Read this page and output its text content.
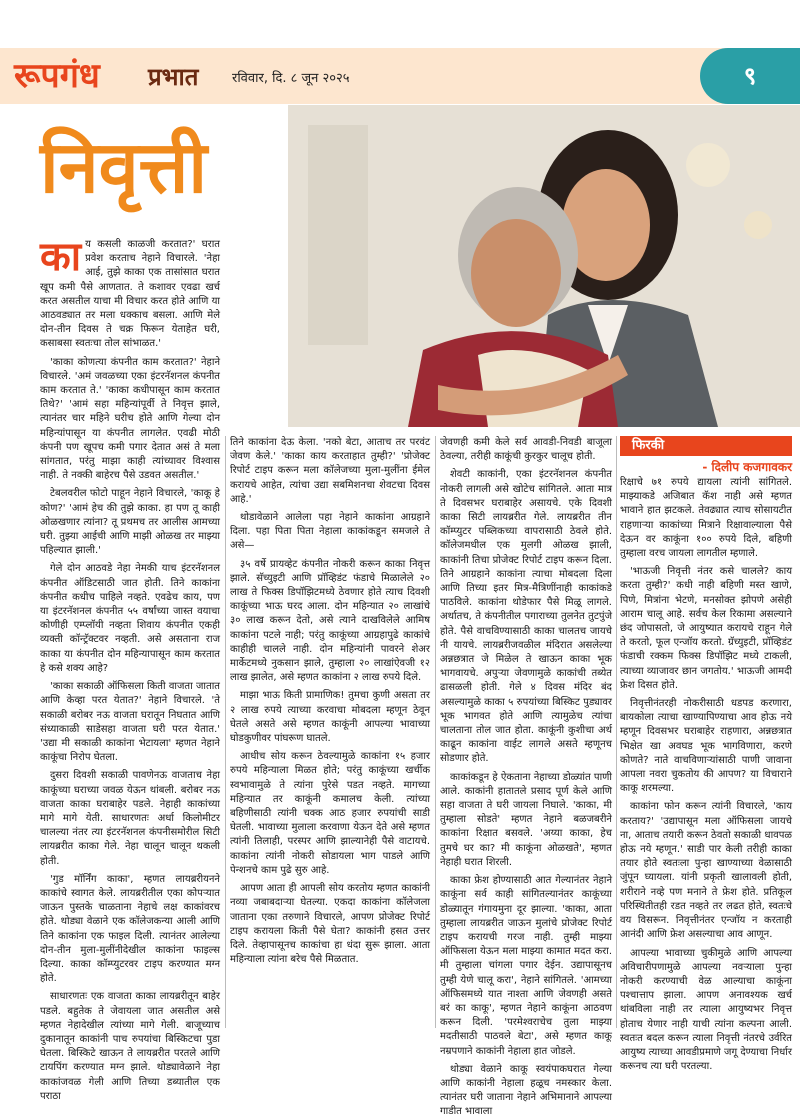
रूपगंध प्रभात	रविवार, दि. ८ जून २०२५	९
निवृत्ती
का य कसली काळजी करतात?' घरात प्रवेश करताच नेहाने विचारले. 'नेहा आई, तुझे काका एक तासांसात घरात खूप कमी पैसे आणतात. ते कशावर एवढा खर्च करत असतील याचा मी विचार करत होते आणि या आठवड्यात तर मला धक्काच बसला. आणि मेले दोन-तीन दिवस ते चक्र फिरून येताहेत घरी, कसाबसा स्वतःचा तोल सांभाळत.'

'काका कोणत्या कंपनीत काम करतात?' नेहाने विचारले. 'अमं जवळच्या एका इंटरनॅशनल कंपनीत काम करतात ते.' 'काका कधीपासून काम करतात तिथे?' 'आमं सहा महिन्यांपूर्वी ते निवृत्त झाले, त्यानंतर चार महिने घरीच होते आणि गेल्या दोन महिन्यांपासून या कंपनीत लागलेत. एवढी मोठी कंपनी पण खूपच कमी पगार देतात असं ते मला सांगतात, परंतु माझा काही त्यांच्यावर विश्वास नाही. ते नक्की बाहेरच पैसे उडवत असतील.'

टेबलवरील फोटो पाहून नेहाने विचारले, 'काकू हे कोण?' 'आमं हेच की तुझे काका. हा पण तू काही ओळखणार त्यांना? तू प्रथमच तर आलीस आमच्या घरी. तुझ्या आईची आणि माझी ओळख तर माझ्या पहिल्यात झाली.'

गेले दोन आठवडे नेहा नेमकी याच इंटरनॅशनल कंपनीत ऑडिटसाठी जात होती. तिने काकांना कंपनीत कधीच पाहिले नव्हते. एवढेच काय, पण या इंटरनॅशनल कंपनीत ५५ वर्षांच्या जास्त वयाचा कोणीही एम्प्लॉयी नव्हता शिवाय कंपनीत एकही व्यक्ती कॉन्ट्रॅक्टवर नव्हती. असे असताना राज काका या कंपनीत दोन महिन्यापासून काम करतात हे कसे शक्य आहे?

'काका सकाळी ऑफिसला किती वाजता जातात आणि केव्हा परत येतात?' नेहाने विचारले. 'ते सकाळी बरोबर नऊ वाजता घरातून निघतात आणि संध्याकाळी साडेसहा वाजता घरी परत येतात.' 'उद्या मी सकाळी काकांना भेटायला' म्हणत नेहाने काकूंचा निरोप घेतला.

दुसरा दिवशी सकाळी पावणेनऊ वाजताच नेहा काकूंच्या घराच्या जवळ येऊन थांबली. बरोबर नऊ वाजता काका घराबाहेर पडले. नेहाही काकांच्या मागे मागे येती. साधारणतः अर्धा किलोमीटर चालल्या नंतर त्या इंटरनॅशनल कंपनीसमोरील सिटी लायब्ररीत काका गेले. नेहा चालून चालून थकली होती.

'गुड मॉर्निंग काका', म्हणत लायब्ररीयनने काकांचे स्वागत केले. लायब्ररीतील एका कोपऱ्यात जाऊन पुस्तके चाळताना नेहाचे लक्ष काकांवरच होते. थोड्या वेळाने एक कॉलेजकन्या आली आणि तिने काकांना एक फाइल दिली. त्यानंतर आलेल्या दोन-तीन मुला-मुलींनीदेखील काकांना फाइल्स दिल्या. काका कॉम्प्युटरवर टाइप करण्यात मग्न होते.

साधारणतः एक वाजता काका लायब्ररीतून बाहेर पडले. बहुतेक ते जेवायला जात असतील असे म्हणत नेहादेखील त्यांच्या मागे गेली. बाजूच्याच दुकानातून काकांनी पाच रुपयांचा बिस्किटचा पुडा घेतला. बिस्किटे खाऊन ते लायब्ररीत परतले आणि टायपिंग करण्यात मग्न झाले. थोड्यावेळाने नेहा काकांजवळ गेली आणि तिच्या डब्यातील एक पराठा

तिने काकांना देऊ केला. 'नको बेटा, आताच तर परवंट जेवण केले.' 'काका काय करताहात तुम्ही?' 'प्रोजेक्ट रिपोर्ट टाइप करून मला कॉलेजच्या मुला-मुलींना ईमेल करायचे आहेत, त्यांचा उद्या सबमिशनचा शेवटचा दिवस आहे.'

थोडावेळाने आलेला पहा नेहाने काकांना आग्रहाने दिला. पहा पिता पिता नेहाला काकांकडून समजले ते असे—

३५ वर्षे प्रायव्हेट कंपनीत नोकरी करून काका निवृत्त झाले. सॅच्युइटी आणि प्रॉव्हिडंट फंडाचे मिळालेले २० लाख ते फिक्स डिपॉझिटमध्ये ठेवणार होते त्याच दिवशी काकूंच्या भाऊ घरद आला. दोन महिन्यात २० लाखांचे ३० लाख करून देतो, असे त्याने दाखविलेले आमिष काकांना पटले नाही; परंतु काकूंच्या आग्रहापुढे काकांचे काहीही चालले नाही. दोन महिन्यांनी पावरने शेअर मार्केटमध्ये नुकसान झाले, तुम्हाला २० लाखांऐवजी १२ लाख झालेत, असे म्हणत काकांना २ लाख रुपये दिले.

माझा भाऊ किती प्रामाणिक! तुमचा कुणी असता तर २ लाख रुपये त्याच्या करवाचा मोबदला म्हणून ठेवून घेतले असते असे म्हणत काकूंनी आपल्या भावाच्या घोडकुणीवर पांघरूण घातले.

आधीच सोय करून ठेवल्यामुळे काकांना १५ हजार रुपये महिन्याला मिळत होते; परंतु काकूंच्या खर्चीक स्वभावामुळे ते त्यांना पुरेसे पडत नव्हते. मागच्या महिन्यात तर काकूंनी कमालच केली. त्यांच्या बहिणीसाठी त्यांनी चक्क आठ हजार रुपयांची साडी घेतली. भावाच्या मुलाला करवाणा येऊन देते असे म्हणत त्यांनी तिलाही, परस्पर आणि झाल्यानेही पैसे वाटायचे. काकांना त्यांनी नोकरी सोडायला भाग पाडले आणि पेन्शनचे काम पुढे सुरु आहे.

आपण आता ही आपली सोय करतोय म्हणत काकांनी नव्या जबाबदाऱ्या घेतल्या. एकदा काकांना कॉलेजला जाताना एका तरुणाने विचारले, आपण प्रोजेक्ट रिपोर्ट टाइप करायला किती पैसे घेता? काकांनी हसत उत्तर दिले. तेव्हापासूनच काकांचा हा धंदा सुरू झाला. आता महिन्याला त्यांना बरेच पैसे मिळतात.

जेवणही कमी केले सर्व आवडी-निवडी बाजूला ठेवल्या, तरीही काकूंची कुरकुर चालूच होती.

शेवटी काकांनी, एका इंटरनॅशनल कंपनीत नोकरी लागली असे खोटेच सांगितले. आता मात्र ते दिवसभर घराबाहेर असायचे. एके दिवशी काका सिटी लायब्ररीत गेले. लायब्ररीत तीन कॉम्प्युटर पब्लिकच्या वापरासाठी ठेवले होते. कॉलेजमधील एक मुलगी ओळख झाली, काकांनी तिचा प्रोजेक्ट रिपोर्ट टाइप करून दिला. तिने आग्रहाने काकांना त्याचा मोबदला दिला आणि तिच्या इतर मित्र-मैत्रिणींनाही काकांकडे पाठविले. काकांना थोडेफार पैसे मिळू लागले. अर्थातच, ते कंपनीतील पगाराच्या तुलनेत तुटपुंजे होते. पैसे वाचविण्यासाठी काका चालतच जायचे नी यायचे. लायब्ररीजवळील मंदिरात असलेल्या अन्नछत्रात जे मिळेल ते खाऊन काका भूक भागवायचे. अपुऱ्या जेवणामुळे काकांची तब्येत ढासळली होती. गेले ४ दिवस मंदिर बंद असल्यामुळे काका ५ रुपयांच्या बिस्किट पुड्यावर भूक भागवत होते आणि त्यामुळेच त्यांचा चालताना तोल जात होता. काकूंनी कुशीचा अर्थ काढून काकांना वाईट लागले असते म्हणूनच सोडणार होते.

काकांकडून हे ऐकताना नेहाच्या डोळ्यांत पाणी आले. काकांनी हातातले प्रसाद पूर्ण केले आणि सहा वाजता ते घरी जायला निघाले. 'काका, मी तुम्हाला सोडते' म्हणत नेहाने बळजबरीने काकांना रिक्षात बसवले. 'अय्या काका, हेच तुमचे घर का? मी काकूंना ओळखते', म्हणत नेहाही घरात शिरली.

काका फ्रेश होण्यासाठी आत गेल्यानंतर नेहाने काकूंना सर्व काही सांगितल्यानंतर काकूंच्या डोळ्यातून गंगायमुना दूर झाल्या. 'काका, आता तुम्हाला लायब्ररीत जाऊन मुलांचे प्रोजेक्ट रिपोर्ट टाइप करायची गरज नाही. तुम्ही माझ्या ऑफिसला येऊन मला माझ्या कामात मदत करा. मी तुम्हाला चांगला पगार देईन. उद्यापासूनच तुम्ही येणे चालू करा', नेहाने सांगितले. 'आमच्या ऑफिसमध्ये यात नाश्ता आणि जेवणही असते बरं का काकू', म्हणत नेहाने काकूंना आठवण करून दिली. 'परमेश्वराचेच तुला माझ्या मदतीसाठी पाठवले बेटा', असे म्हणत काकू नम्रपणाने काकांनी नेहाला हात जोडले.

थोड्या वेळाने काकू स्वयंपाकघरात गेल्या आणि काकांनी नेहाला हळूच नमस्कार केला. त्यानंतर घरी जाताना नेहाने अभिमानाने आपल्या गाडीत भावाला

फिरकी
- दिलीप कजगावकर

रिक्षाचे ७१ रुपये द्यायला त्यांनी सांगितले. माझ्याकडे अजिबात कॅश नाही असे म्हणत भावाने हात झटकले. तेवढ्यात त्याच सोसायटीत राहणाऱ्या काकांच्या मित्राने रिक्षावाल्याला पैसे देऊन वर काकूंना १०० रुपये दिले, बहिणी तुम्हाला वरच जायला लागतील म्हणाले.

'भाऊजी निवृत्ती नंतर कसे चालले? काय करता तुम्ही?' कधी नाही बहिणी मस्त खाणे, पिणे, मित्रांना भेटणे, मनसोक्त झोपणे असेही आराम चालू आहे. सर्वच केल रिकामा असल्याने छंद जोपासतो, जे आयुष्यात करायचे राहून गेले ते करतो, फूल एन्जॉय करतो. ग्रॅच्युइटी, प्रॉव्हिडंट फंडाची रक्कम फिक्स डिपॉझिट मध्ये टाकली, त्याच्या व्याजावर छान जगतोय.' भाऊजी आमदी फ्रेश दिसत होते.

निवृत्तीनंतरही नोकरीसाठी धडपड करणारा, बायकोला त्याचा खाण्यापिण्याचा आव होऊ नये म्हणून दिवसभर घराबाहेर राहणारा, अन्नछत्रात भिक्षेत खा अवघड भूक भागविणारा, करणे कोणते? नाते वाचविणाऱ्यांसाठी पाणी जावाना आपला नवरा चुकतोय की आपण? या विचाराने काकू शरमल्या.

काकांना फोन करून त्यांनी विचारले, 'काय करताय?' 'उद्यापासून मला ऑफिसला जायचे ना, आताच तयारी करून ठेवतो सकाळी धावपळ होऊ नये म्हणून.' साडी पार केली तरीही काका तयार होते स्वतःला पुन्हा खाण्याच्या वेळासाठी जुंपून घ्यायला. यांनी प्रकृती खालावली होती, शरीराने नव्हे पण मनाने ते फ्रेश होते. प्रतिकूल परिस्थितीतही रडत नव्हते तर लढत होते, स्वतःचे वय विसरून. निवृत्तीनंतर एन्जॉय न करताही आनंदी आणि फ्रेश असल्याचा आव आणून.

आपल्या भावाच्या चुकीमुळे आणि आपल्या अविचारीपणामुळे आपल्या नवऱ्याला पुन्हा नोकरी करण्याची वेळ आल्याचा काकूंना पश्चात्ताप झाला. आपण अनावश्यक खर्च थांबविला नाही तर त्याला आयुष्यभर निवृत्त होताच येणार नाही याची त्यांना कल्पना आली. स्वतःत बदल करून त्याला निवृत्ती नंतरचे उर्वरित आयुष्य त्याच्या आवडीप्रमाणे जगू देण्याचा निर्धार करूनच त्या घरी परतल्या.
